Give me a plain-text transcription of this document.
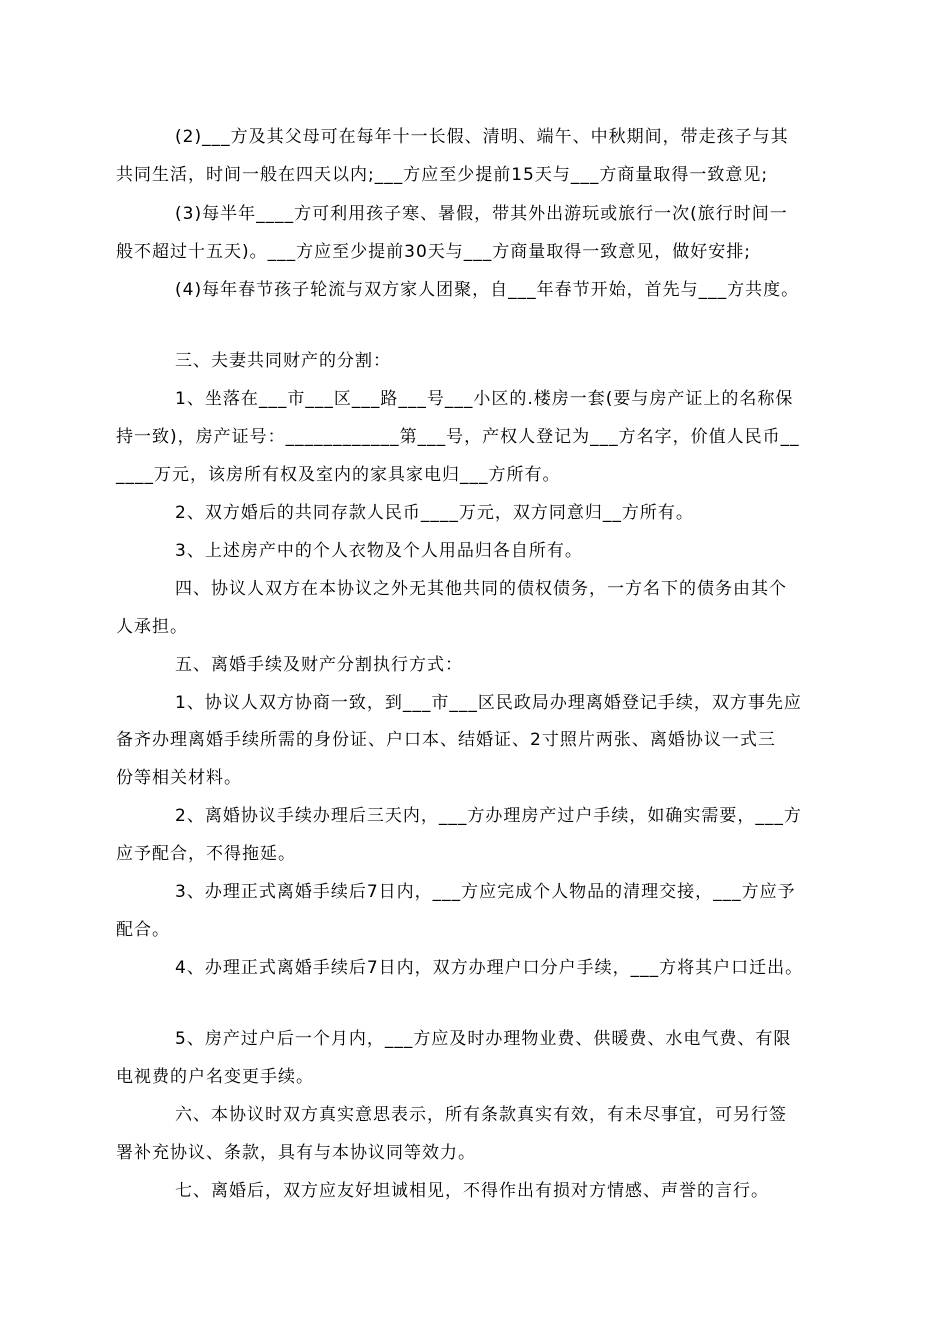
(2)___方及其父母可在每年十一长假、清明、端午、中秋期间，带走孩子与其
共同生活，时间一般在四天以内;___方应至少提前15天与___方商量取得一致意见;
(3)每半年____方可利用孩子寒、暑假，带其外出游玩或旅行一次(旅行时间一
般不超过十五天)。___方应至少提前30天与___方商量取得一致意见，做好安排;
(4)每年春节孩子轮流与双方家人团聚，自___年春节开始，首先与___方共度。
三、夫妻共同财产的分割：
1、坐落在___市___区___路___号___小区的.楼房一套(要与房产证上的名称保
持一致)，房产证号：____________第___号，产权人登记为___方名字，价值人民币__
____万元，该房所有权及室内的家具家电归___方所有。
2、双方婚后的共同存款人民币____万元，双方同意归__方所有。
3、上述房产中的个人衣物及个人用品归各自所有。
四、协议人双方在本协议之外无其他共同的债权债务，一方名下的债务由其个
人承担。
五、离婚手续及财产分割执行方式：
1、协议人双方协商一致，到___市___区民政局办理离婚登记手续，双方事先应
备齐办理离婚手续所需的身份证、户口本、结婚证、2寸照片两张、离婚协议一式三
份等相关材料。
2、离婚协议手续办理后三天内，___方办理房产过户手续，如确实需要，___方
应予配合，不得拖延。
3、办理正式离婚手续后7日内，___方应完成个人物品的清理交接，___方应予
配合。
4、办理正式离婚手续后7日内，双方办理户口分户手续，___方将其户口迁出。
5、房产过户后一个月内，___方应及时办理物业费、供暖费、水电气费、有限
电视费的户名变更手续。
六、本协议时双方真实意思表示，所有条款真实有效，有未尽事宜，可另行签
署补充协议、条款，具有与本协议同等效力。
七、离婚后，双方应友好坦诚相见，不得作出有损对方情感、声誉的言行。
